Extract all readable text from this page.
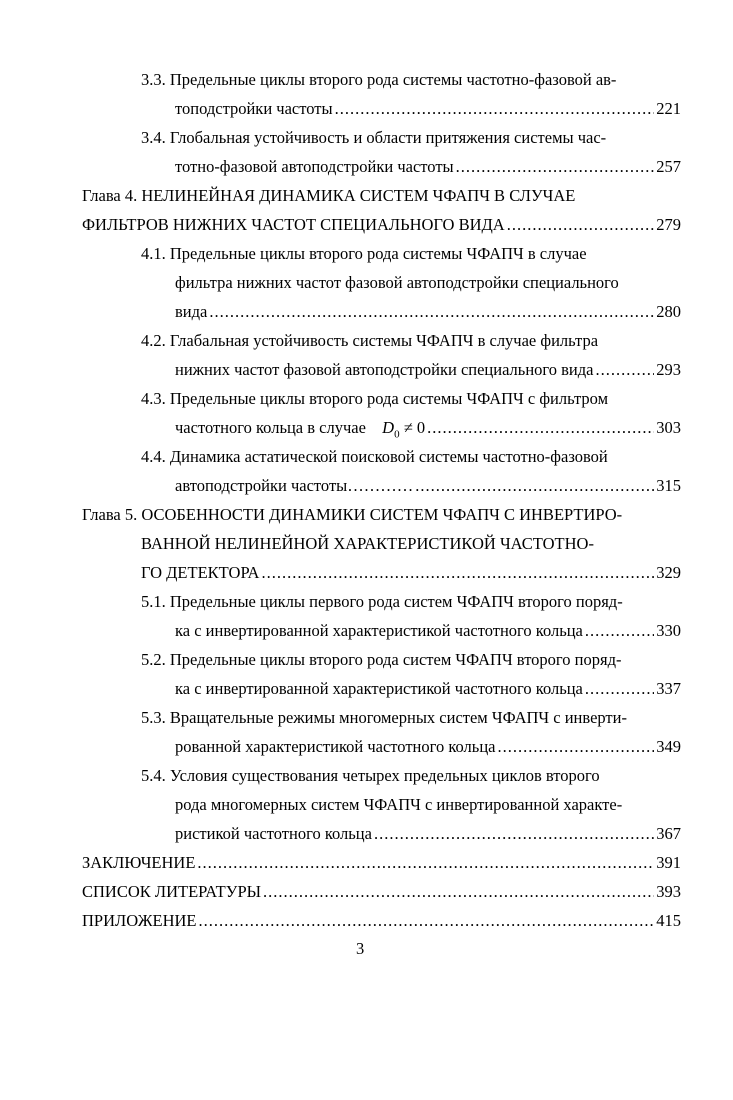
3.3. Предельные циклы второго рода системы частотно-фазовой ав-
топодстройки частоты .....	221
3.4. Глобальная устойчивость и области притяжения системы час-
тотно-фазовой автоподстройки частоты .....	257
Глава 4. НЕЛИНЕЙНАЯ ДИНАМИКА СИСТЕМ ЧФАПЧ В СЛУЧАЕ
ФИЛЬТРОВ НИЖНИХ ЧАСТОТ СПЕЦИАЛЬНОГО ВИДА .....	279
4.1. Предельные циклы второго рода системы ЧФАПЧ в случае
фильтра нижних частот фазовой автоподстройки специального
вида .....	280
4.2. Глабальная устойчивость системы ЧФАПЧ в случае фильтра
нижних частот фазовой автоподстройки специального вида .....	293
4.3. Предельные циклы второго рода системы ЧФАПЧ с фильтром
частотного кольца в случае $D_0 \ne 0$ .....	303
4.4. Динамика астатической поисковой системы частотно-фазовой
автоподстройки частоты………… .....	315
Глава 5. ОСОБЕННОСТИ ДИНАМИКИ СИСТЕМ ЧФАПЧ С ИНВЕРТИРО-
ВАННОЙ НЕЛИНЕЙНОЙ ХАРАКТЕРИСТИКОЙ ЧАСТОТНО-
ГО ДЕТЕКТОРА .....	329
5.1. Предельные циклы первого рода систем ЧФАПЧ второго поряд-
ка с инвертированной характеристикой частотного кольца .....	330
5.2. Предельные циклы второго рода систем ЧФАПЧ второго поряд-
ка с инвертированной характеристикой частотного кольца .....	337
5.3. Вращательные режимы многомерных систем ЧФАПЧ с инверти-
рованной характеристикой частотного кольца .....	349
5.4. Условия существования четырех предельных циклов второго
рода многомерных систем ЧФАПЧ с инвертированной характе-
ристикой частотного кольца .....	367
ЗАКЛЮЧЕНИЕ .....	391
СПИСОК ЛИТЕРАТУРЫ .....	393
ПРИЛОЖЕНИЕ .....	415
3
